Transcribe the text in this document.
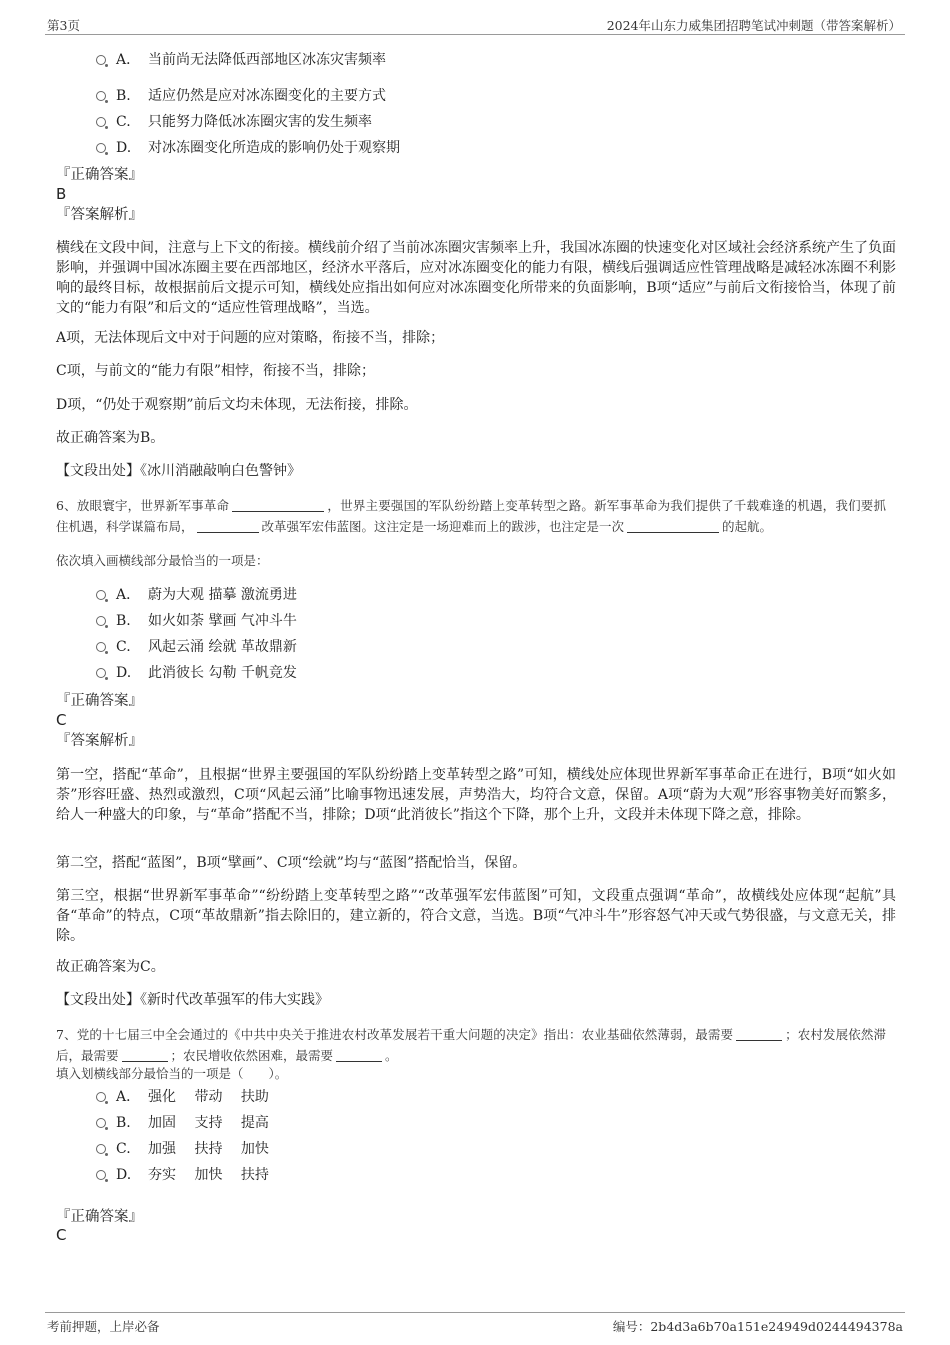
第3页	2024年山东力威集团招聘笔试冲刺题（带答案解析）
A． 当前尚无法降低西部地区冰冻灾害频率
B. 适应仍然是应对冰冻圈变化的主要方式
C. 只能努力降低冰冻圈灾害的发生频率
D. 对冰冻圈变化所造成的影响仍处于观察期
『正确答案』
B
『答案解析』
横线在文段中间，注意与上下文的衔接。横线前介绍了当前冰冻圈灾害频率上升，我国冰冻圈的快速变化对区域社会经济系统产生了负面影响，并强调中国冰冻圈主要在西部地区，经济水平落后，应对冰冻圈变化的能力有限，横线后强调适应性管理战略是减轻冰冻圈不利影响的最终目标，故根据前后文提示可知，横线处应指出如何应对冰冻圈变化所带来的负面影响，B项“适应”与前后文衔接恰当，体现了前文的“能力有限”和后文的“适应性管理战略”，当选。
A项，无法体现后文中对于问题的应对策略，衔接不当，排除；
C项，与前文的“能力有限”相悖，衔接不当，排除；
D项，“仍处于观察期”前后文均未体现，无法衔接，排除。
故正确答案为B。
【文段出处】《冰川消融敲响白色警钟》
6、放眼寰宇，世界新军事革命	，世界主要强国的军队纷纷踏上变革转型之路。新军事革命为我们提供了千载难逢的机遇，我们要抓住机遇，科学谋篇布局，	改革强军宏伟蓝图。这注定是一场迎难而上的跋涉，也注定是一次	的起航。
依次填入画横线部分最恰当的一项是：
A． 蔚为大观 描摹 激流勇进
B. 如火如荼 擘画 气冲斗牛
C. 风起云涌 绘就 革故鼎新
D. 此消彼长 勾勒 千帆竞发
『正确答案』
C
『答案解析』
第一空，搭配“革命”，且根据“世界主要强国的军队纷纷踏上变革转型之路”可知，横线处应体现世界新军事革命正在进行，B项“如火如荼”形容旺盛、热烈或激烈，C项“风起云涌”比喻事物迅速发展，声势浩大，均符合文意，保留。A项“蔚为大观”形容事物美好而繁多，给人一种盛大的印象，与“革命”搭配不当，排除；D项“此消彼长”指这个下降，那个上升，文段并未体现下降之意，排除。
第二空，搭配“蓝图”，B项“擘画”、C项“绘就”均与“蓝图”搭配恰当，保留。
第三空，根据“世界新军事革命”“纷纷踏上变革转型之路”“改革强军宏伟蓝图”可知，文段重点强调“革命”，故横线处应体现“起航”具备“革命”的特点，C项“革故鼎新”指去除旧的，建立新的，符合文意，当选。B项“气冲斗牛”形容怒气冲天或气势很盛，与文意无关，排除。
故正确答案为C。
【文段出处】《新时代改革强军的伟大实践》
7、党的十七届三中全会通过的《中共中央关于推进农村改革发展若干重大问题的决定》指出：农业基础依然薄弱，最需要	；农村发展依然滞后，最需要	；农民增收依然困难，最需要	。
填入划横线部分最恰当的一项是（　　）。
A． 强化　 带动　 扶助
B. 加固　 支持　 提高
C. 加强　 扶持　 加快
D. 夯实　 加快　 扶持
『正确答案』
C
考前押题，上岸必备	编号：2b4d3a6b70a151e24949d0244494378a
